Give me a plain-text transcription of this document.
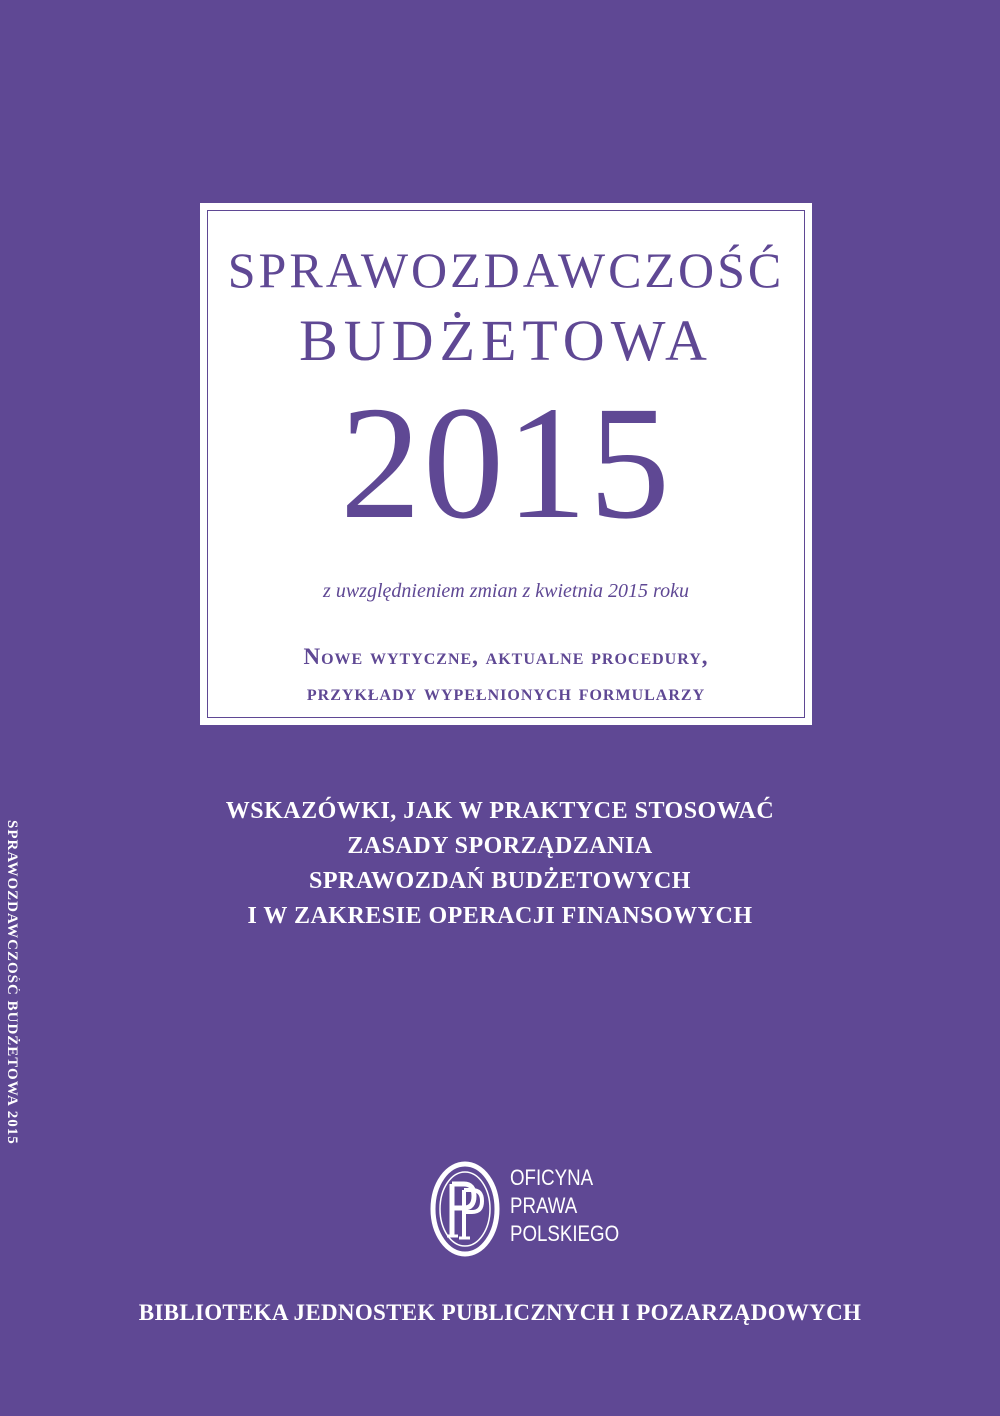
SPRAWOZDAWCZOŚĆ BUDŻETOWA 2015
SPRAWOZDAWCZOŚĆ
BUDŻETOWA
2015
z uwzględnieniem zmian z kwietnia 2015 roku
Nowe wytyczne, aktualne procedury,
przykłady wypełnionych formularzy
WSKAZÓWKI, JAK W PRAKTYCE STOSOWAĆ
ZASADY SPORZĄDZANIA
SPRAWOZDAŃ BUDŻETOWYCH
I W ZAKRESIE OPERACJI FINANSOWYCH
OFICYNA
PRAWA
POLSKIEGO
BIBLIOTEKA JEDNOSTEK PUBLICZNYCH I POZARZĄDOWYCH
